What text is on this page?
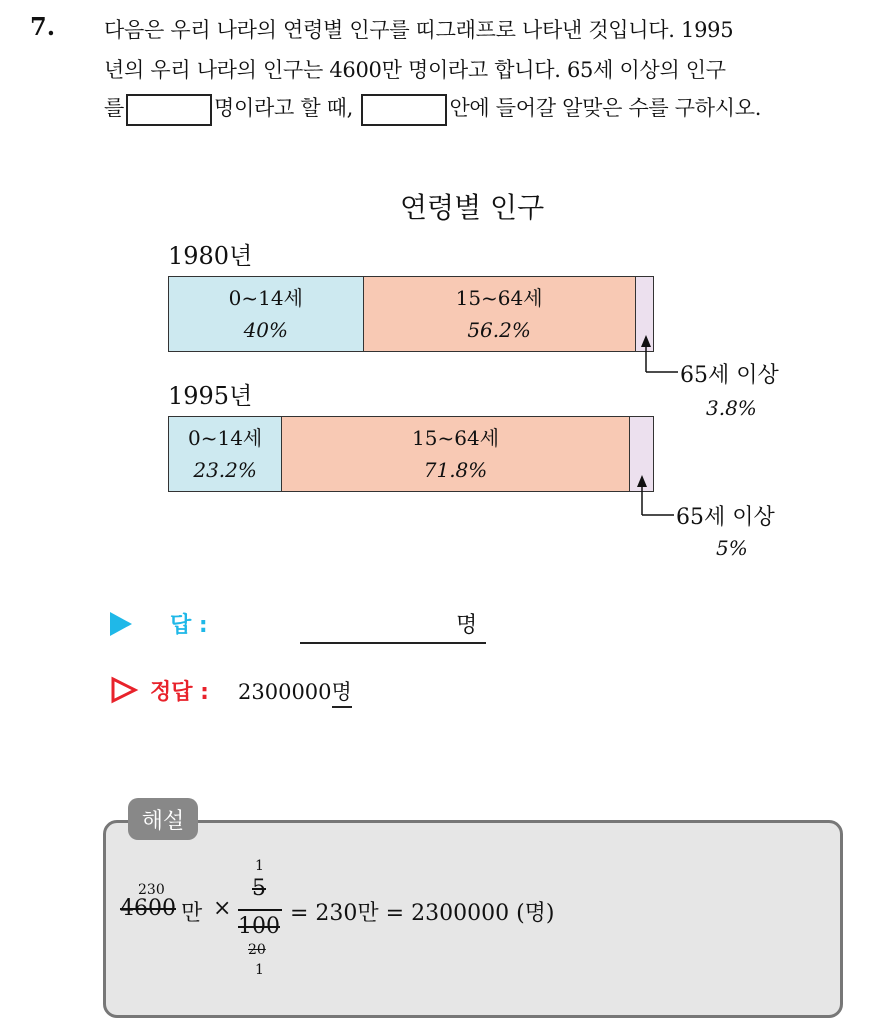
7. 다음은 우리 나라의 연령별 인구를 띠그래프로 나타낸 것입니다. 1995
년의 우리 나라의 인구는 4600만 명이라고 합니다. 65세 이상의 인구
를	명이라고 할 때,	안에 들어갈 알맞은 수를 구하시오.
연령별 인구
1980년
1995년
0~14세
40%
15~64세
56.2%
0~14세
23.2%
15~64세
71.8%
65세 이상
3.8%
65세 이상
5%
답 :	명
정답 : 2300000명
해설
230
4600 만 ×
1
5
100
20
1
= 230만 = 2300000 (명)
